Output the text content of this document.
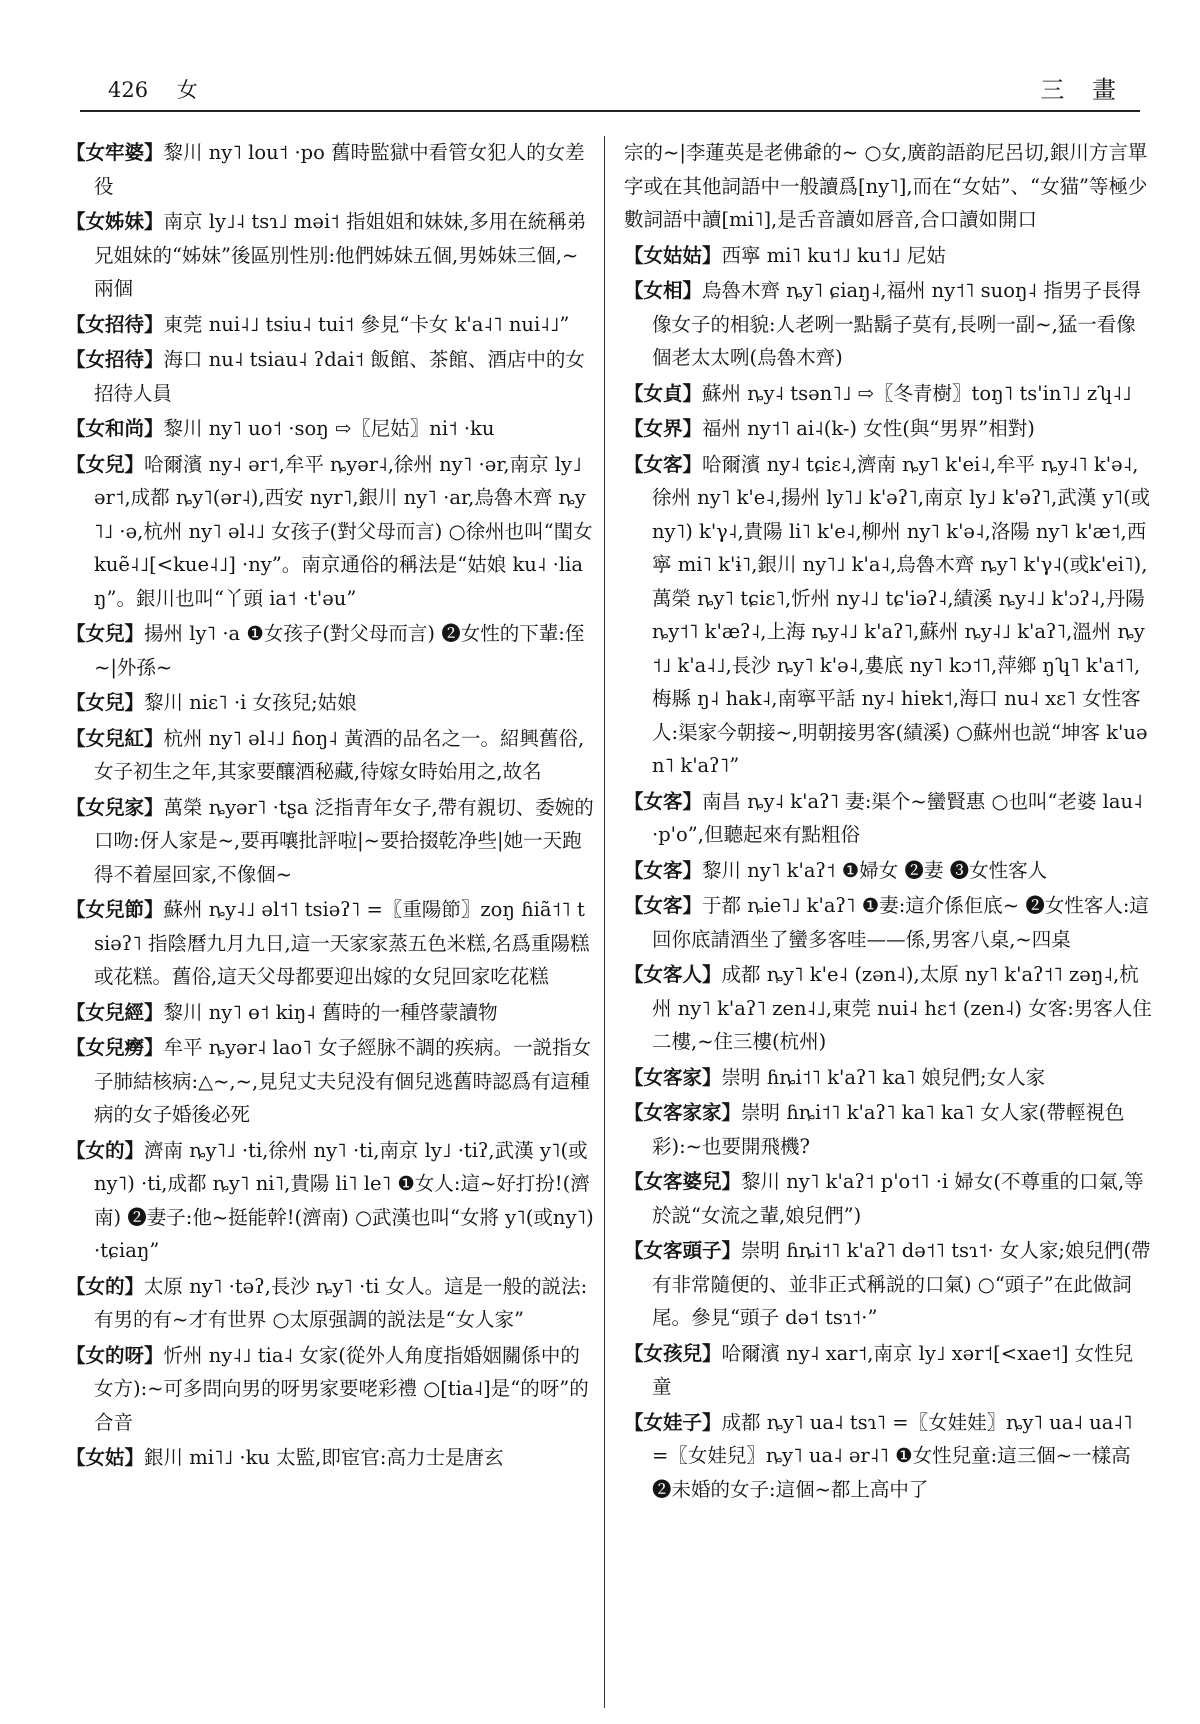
426 女	三 畫

【 女牢婆 】 黎川 ny˥ lou˦ ·po 舊時監獄中看管女犯人的女差役

【 女姊妹 】 南京 ly˩˨ tsɿ˩ məi˦ 指姐姐和妹妹,多用在統稱弟兄姐妹的“姊妹”後區別性別:他們姊妹五個,男姊妹三個,~兩個

【 女招待 】 東莞 nui˨˩ tsiu˨ tui˦ 參見“卡女 k'a˨˥ nui˨˩”

【 女招待 】 海口 nu˨ tsiau˨ ʔdai˦ 飯館、茶館、酒店中的女招待人員

【 女和尚 】 黎川 ny˥ uo˦ ·soŋ ⇨〖尼姑〗ni˦ ·ku

【 女兒 】 哈爾濱 ny˨ ər˦,牟平 ȵyər˨,徐州 ny˥ ·ər,南京 ly˩ ər˦,成都 ȵy˥(ər˨),西安 nyr˥,銀川 ny˥ ·ar,烏魯木齊 ȵy˥˩ ·ə,杭州 ny˥ əl˨˩ 女孩子(對父母而言) ○徐州也叫“閨女 kuẽ˨˩[<kue˨˩] ·ny”。南京通俗的稱法是“姑娘 ku˨ ·liaŋ”。銀川也叫“丫頭 ia˦ ·t'əu”

【 女兒 】 揚州 ly˥ ·a ❶女孩子(對父母而言) ❷女性的下輩:侄~|外孫~

【 女兒 】 黎川 niɛ˥ ·i 女孩兒;姑娘

【 女兒紅 】 杭州 ny˥ əl˨˩ ɦoŋ˨ 黃酒的品名之一。紹興舊俗,女子初生之年,其家要釀酒秘藏,待嫁女時始用之,故名

【 女兒家 】 萬榮 ȵyər˥ ·tʂa 泛指青年女子,帶有親切、委婉的口吻:伢人家是~,要再嚷批評啦|~要拾掇乾净些|她一天跑得不着屋回家,不像個~

【 女兒節 】 蘇州 ȵy˨˩ əl˦˥ tsiəʔ˥ =〖重陽節〗zoŋ ɦiã˦˥ tsiəʔ˥ 指陰曆九月九日,這一天家家蒸五色米糕,名爲重陽糕或花糕。舊俗,這天父母都要迎出嫁的女兒回家吃花糕

【 女兒經 】 黎川 ny˥ ɵ˦ kiŋ˨ 舊時的一種啓蒙讀物

【 女兒癆 】 牟平 ȵyər˨ lao˥ 女子經脉不調的疾病。一説指女子肺結核病:△~,~,見兒丈夫兒没有個兒逃舊時認爲有這種病的女子婚後必死

【 女的 】 濟南 ȵy˥˩ ·ti,徐州 ny˥ ·ti,南京 ly˩ ·tiʔ,武漢 y˥(或ny˥) ·ti,成都 ȵy˥ ni˥,貴陽 li˥ le˥ ❶女人:這~好打扮!(濟南) ❷妻子:他~挺能幹!(濟南) ○武漢也叫“女將 y˥(或ny˥) ·tɕiaŋ”

【 女的 】 太原 ny˥ ·təʔ,長沙 ȵy˥ ·ti 女人。這是一般的説法:有男的有~才有世界 ○太原强調的説法是“女人家”

【 女的呀 】 忻州 ny˨˩ tia˨ 女家(從外人角度指婚姻關係中的女方):~可多問向男的呀男家要咾彩禮 ○[tia˨]是“的呀”的合音

【 女姑 】 銀川 mi˥˩ ·ku 太監,即宦官:高力士是唐玄

宗的~|李蓮英是老佛爺的~ ○女,廣韵語韵尼呂切,銀川方言單字或在其他詞語中一般讀爲[ny˥],而在“女姑”、“女猫”等極少數詞語中讀[mi˥],是舌音讀如唇音,合口讀如開口

【 女姑姑 】 西寧 mi˥ ku˦˩ ku˦˩ 尼姑

【 女相 】 烏魯木齊 ȵy˥ ɕiaŋ˨,福州 ny˦˥ suoŋ˨ 指男子長得像女子的相貌:人老咧一點鬍子莫有,長咧一副~,猛一看像個老太太咧(烏魯木齊)

【 女貞 】 蘇州 ȵy˨ tsən˥˩ ⇨〖冬青樹〗toŋ˥ ts'in˥˩ zʮ˨˩

【 女界 】 福州 ny˦˥ ai˨(k-) 女性(與“男界”相對)

【 女客 】 哈爾濱 ny˨ tɕiɛ˨,濟南 ȵy˥ k'ei˨,牟平 ȵy˨˥ k'ə˨,徐州 ny˥ k'e˨,揚州 ly˥˩ k'əʔ˥,南京 ly˩ k'əʔ˥,武漢 y˥(或ny˥) k'γ˨,貴陽 li˥ k'e˨,柳州 ny˥ k'ə˨,洛陽 ny˥ k'æ˦,西寧 mi˥ k'ɨ˥,銀川 ny˥˩ k'a˨,烏魯木齊 ȵy˥ k'γ˨(或k'ei˥),萬榮 ȵy˥ tɕiɛ˥,忻州 ny˨˩ tɕ'iəʔ˨,績溪 ȵy˨˩ k'ɔʔ˨,丹陽 ȵy˦˥ k'æʔ˨,上海 ȵy˨˩ k'aʔ˥,蘇州 ȵy˨˩ k'aʔ˥,溫州 ȵy˦˩ k'a˨˩,長沙 ȵy˥ k'ə˨,婁底 ny˥ kɔ˦˥,萍鄉 ŋʮ˥ k'a˦˥,梅縣 ŋ˨ hak˨,南寧平話 ny˨ hiɐk˦,海口 nu˨ xɛ˥ 女性客人:渠家今朝接~,明朝接男客(績溪) ○蘇州也説“坤客 k'uən˥ k'aʔ˥”

【 女客 】 南昌 ȵy˨ k'aʔ˥ 妻:渠个~蠻賢惠 ○也叫“老婆 lau˨ ·p'o”,但聽起來有點粗俗

【 女客 】 黎川 ny˥ k'aʔ˦ ❶婦女 ❷妻 ❸女性客人

【 女客 】 于都 ȵie˥˩ k'aʔ˥ ❶妻:這介係佢底~ ❷女性客人:這回你底請酒坐了蠻多客哇——係,男客八桌,~四桌

【 女客人 】 成都 ȵy˥ k'e˨ (zən˨),太原 ny˥ k'aʔ˦˥ zəŋ˨,杭州 ny˥ k'aʔ˥ zen˨˩,東莞 nui˨ hɛ˦ (zen˨) 女客:男客人住二樓,~住三樓(杭州)

【 女客家 】 崇明 ɦȵi˦˥ k'aʔ˥ ka˥ 娘兒們;女人家

【 女客家家 】 崇明 ɦȵi˦˥ k'aʔ˥ ka˥ ka˥ 女人家(帶輕視色彩):~也要開飛機?

【 女客婆兒 】 黎川 ny˥ k'aʔ˦ p'o˦˥ ·i 婦女(不尊重的口氣,等於説“女流之輩,娘兒們”)

【 女客頭子 】 崇明 ɦȵi˦˥ k'aʔ˥ də˦˥ tsɿ˦· 女人家;娘兒們(帶有非常隨便的、並非正式稱説的口氣) ○“頭子”在此做詞尾。參見“頭子 də˦ tsɿ˦·”

【 女孩兒 】 哈爾濱 ny˨ xar˦,南京 ly˩ xər˦[<xae˦] 女性兒童

【 女娃子 】 成都 ȵy˥ ua˨ tsɿ˥ =〖女娃娃〗ȵy˥ ua˨ ua˨˥ =〖女娃兒〗ȵy˥ ua˨ ər˨˥ ❶女性兒童:這三個~一樣高 ❷未婚的女子:這個~都上高中了
